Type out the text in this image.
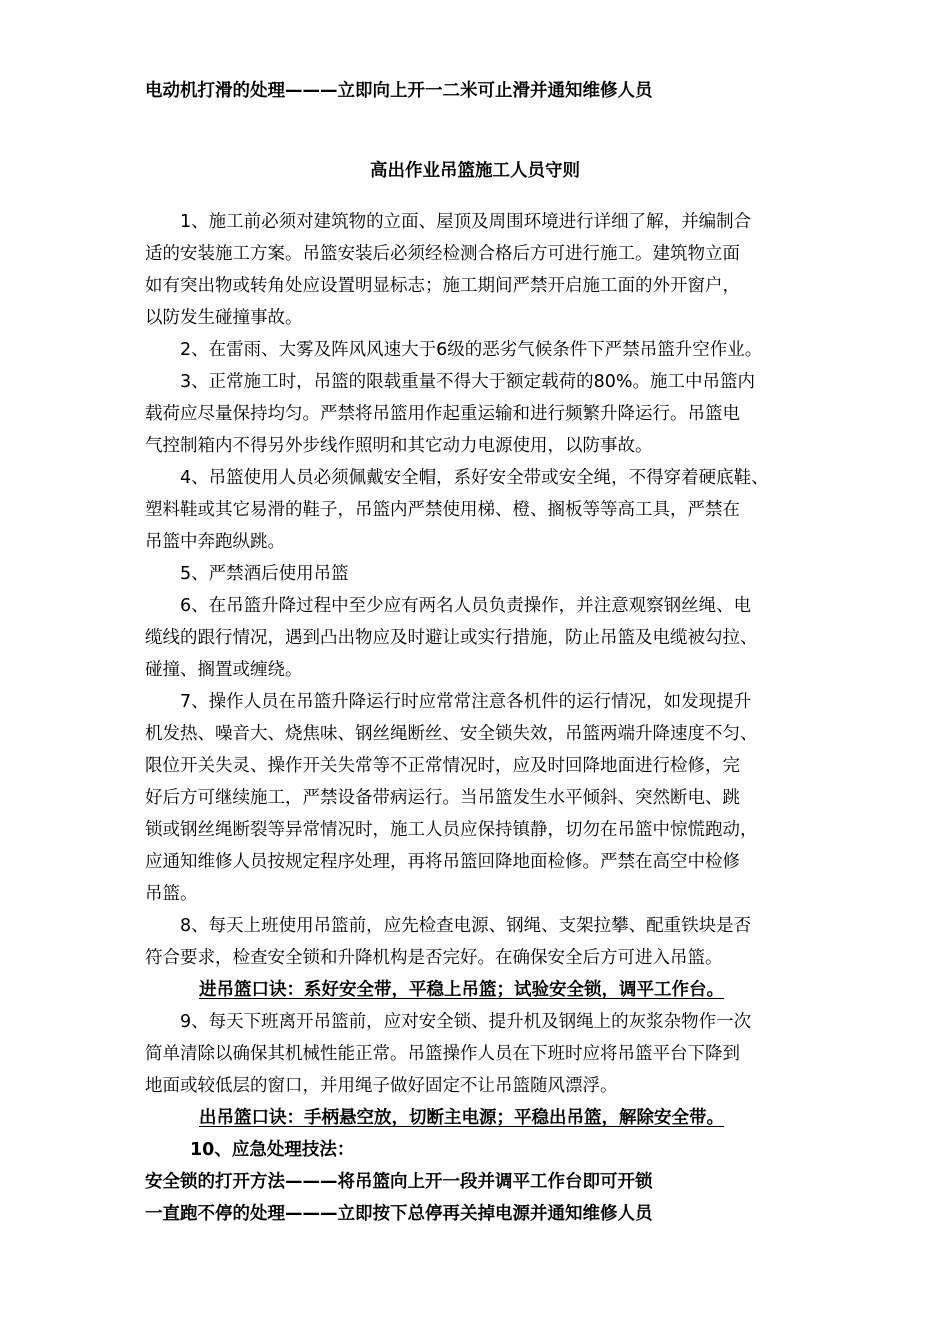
电动机打滑的处理———立即向上开一二米可止滑并通知维修人员
高出作业吊篮施工人员守则
1、施工前必须对建筑物的立面、屋顶及周围环境进行详细了解，并编制合
适的安装施工方案。吊篮安装后必须经检测合格后方可进行施工。建筑物立面
如有突出物或转角处应设置明显标志；施工期间严禁开启施工面的外开窗户，
以防发生碰撞事故。
2、在雷雨、大雾及阵风风速大于6级的恶劣气候条件下严禁吊篮升空作业。
3、正常施工时，吊篮的限载重量不得大于额定载荷的80%。施工中吊篮内
载荷应尽量保持均匀。严禁将吊篮用作起重运输和进行频繁升降运行。吊篮电
气控制箱内不得另外步线作照明和其它动力电源使用，以防事故。
4、吊篮使用人员必须佩戴安全帽，系好安全带或安全绳，不得穿着硬底鞋、
塑料鞋或其它易滑的鞋子，吊篮内严禁使用梯、橙、搁板等等高工具，严禁在
吊篮中奔跑纵跳。
5、严禁酒后使用吊篮
6、在吊篮升降过程中至少应有两名人员负责操作，并注意观察钢丝绳、电
缆线的跟行情况，遇到凸出物应及时避让或实行措施，防止吊篮及电缆被勾拉、
碰撞、搁置或缠绕。
7、操作人员在吊篮升降运行时应常常注意各机件的运行情况，如发现提升
机发热、噪音大、烧焦味、钢丝绳断丝、安全锁失效，吊篮两端升降速度不匀、
限位开关失灵、操作开关失常等不正常情况时，应及时回降地面进行检修，完
好后方可继续施工，严禁设备带病运行。当吊篮发生水平倾斜、突然断电、跳
锁或钢丝绳断裂等异常情况时，施工人员应保持镇静，切勿在吊篮中惊慌跑动，
应通知维修人员按规定程序处理，再将吊篮回降地面检修。严禁在高空中检修
吊篮。
8、每天上班使用吊篮前，应先检查电源、钢绳、支架拉攀、配重铁块是否
符合要求，检查安全锁和升降机构是否完好。在确保安全后方可进入吊篮。
进吊篮口诀：系好安全带，平稳上吊篮；试验安全锁，调平工作台。
9、每天下班离开吊篮前，应对安全锁、提升机及钢绳上的灰浆杂物作一次
简单清除以确保其机械性能正常。吊篮操作人员在下班时应将吊篮平台下降到
地面或较低层的窗口，并用绳子做好固定不让吊篮随风漂浮。
出吊篮口诀：手柄悬空放，切断主电源；平稳出吊篮，解除安全带。
10、应急处理技法：
安全锁的打开方法———将吊篮向上开一段并调平工作台即可开锁
一直跑不停的处理———立即按下总停再关掉电源并通知维修人员
